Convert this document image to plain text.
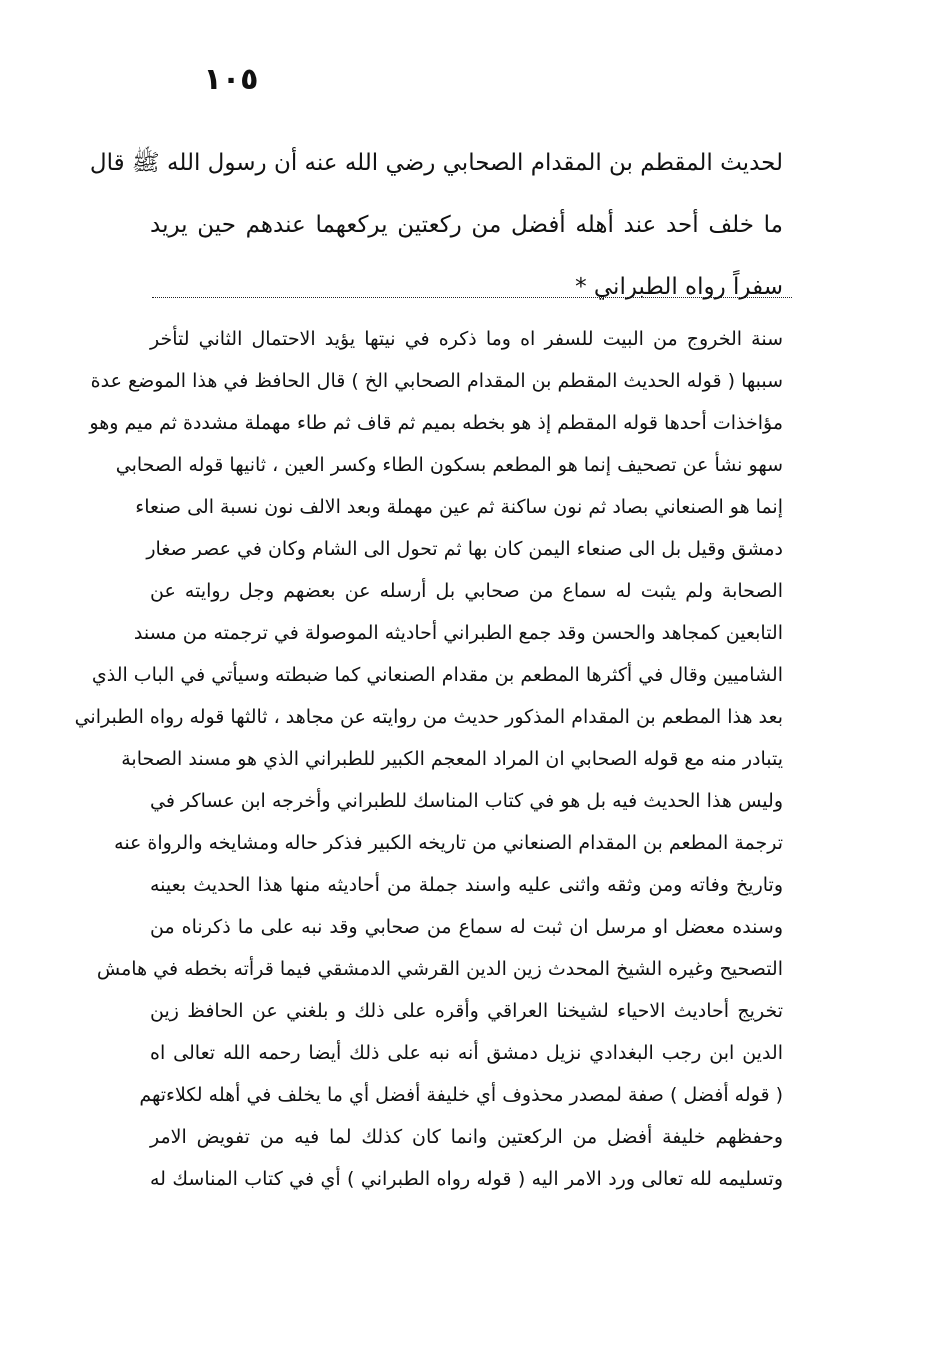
١٠٥
لحديث المقطم بن المقدام الصحابي رضي الله عنه أن رسول الله ﷺ قال
ما خلف أحد عند أهله أفضل من ركعتين يركعهما عندهم حين يريد
سفراً رواه الطبراني *
سنة الخروج من البيت للسفر اه وما ذكره في نيتها يؤيد الاحتمال الثاني لتأخر
سببها ( قوله الحديث المقطم بن المقدام الصحابي الخ ) قال الحافظ في هذا الموضع عدة
مؤاخذات أحدها قوله المقطم إذ هو بخطه بميم ثم قاف ثم طاء مهملة مشددة ثم ميم وهو
سهو نشأ عن تصحيف إنما هو المطعم بسكون الطاء وكسر العين ، ثانيها قوله الصحابي
إنما هو الصنعاني بصاد ثم نون ساكنة ثم عين مهملة وبعد الالف نون نسبة الى صنعاء
دمشق وقيل بل الى صنعاء اليمن كان بها ثم تحول الى الشام وكان في عصر صغار
الصحابة ولم يثبت له سماع من صحابي بل أرسله عن بعضهم وجل روايته عن
التابعين كمجاهد والحسن وقد جمع الطبراني أحاديثه الموصولة في ترجمته من مسند
الشاميين وقال في أكثرها المطعم بن مقدام الصنعاني كما ضبطته وسيأتي في الباب الذي
بعد هذا المطعم بن المقدام المذكور حديث من روايته عن مجاهد ، ثالثها قوله رواه الطبراني
يتبادر منه مع قوله الصحابي ان المراد المعجم الكبير للطبراني الذي هو مسند الصحابة
وليس هذا الحديث فيه بل هو في كتاب المناسك للطبراني وأخرجه ابن عساكر في
ترجمة المطعم بن المقدام الصنعاني من تاريخه الكبير فذكر حاله ومشايخه والرواة عنه
وتاريخ وفاته ومن وثقه واثنى عليه واسند جملة من أحاديثه منها هذا الحديث بعينه
وسنده معضل او مرسل ان ثبت له سماع من صحابي وقد نبه على ما ذكرناه من
التصحيح وغيره الشيخ المحدث زين الدين القرشي الدمشقي فيما قرأته بخطه في هامش
تخريج أحاديث الاحياء لشيخنا العراقي وأقره على ذلك و بلغني عن الحافظ زين
الدين ابن رجب البغدادي نزيل دمشق أنه نبه على ذلك أيضا رحمه الله تعالى اه
( قوله أفضل ) صفة لمصدر محذوف أي خليفة أفضل أي ما يخلف في أهله لكلاءتهم
وحفظهم خليفة أفضل من الركعتين وانما كان كذلك لما فيه من تفويض الامر
وتسليمه لله تعالى ورد الامر اليه ( قوله رواه الطبراني ) أي في كتاب المناسك له
